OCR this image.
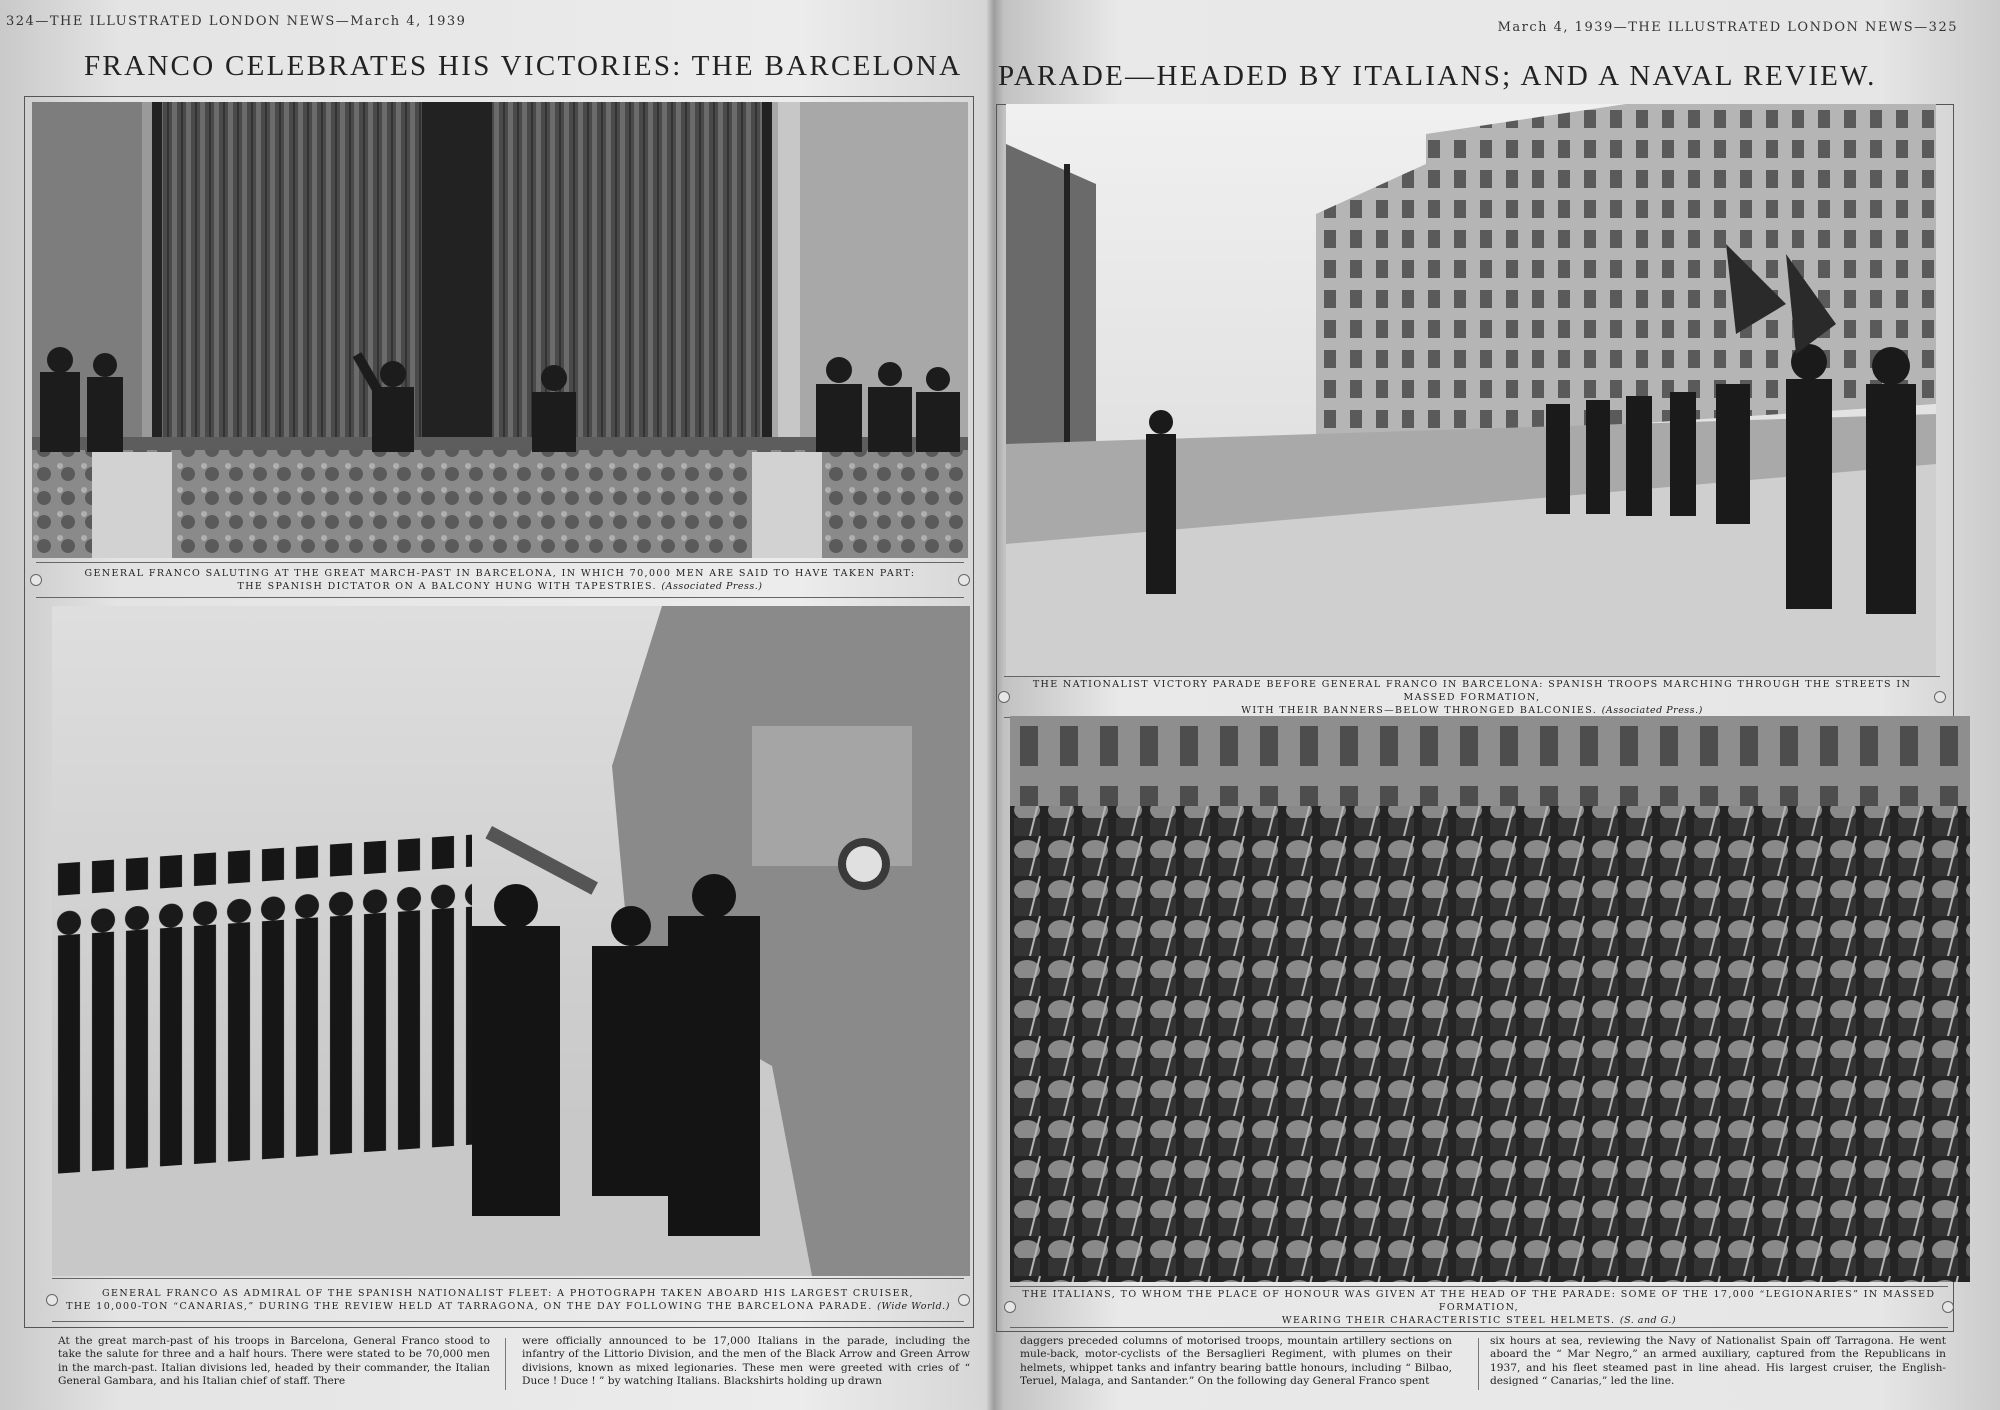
324—THE ILLUSTRATED LONDON NEWS—March 4, 1939	March 4, 1939—THE ILLUSTRATED LONDON NEWS—325
FRANCO CELEBRATES HIS VICTORIES: THE BARCELONA PARADE—HEADED BY ITALIANS; AND A NAVAL REVIEW.
GENERAL FRANCO SALUTING AT THE GREAT MARCH-PAST IN BARCELONA, IN WHICH 70,000 MEN ARE SAID TO HAVE TAKEN PART:
THE SPANISH DICTATOR ON A BALCONY HUNG WITH TAPESTRIES. (Associated Press.)
GENERAL FRANCO AS ADMIRAL OF THE SPANISH NATIONALIST FLEET: A PHOTOGRAPH TAKEN ABOARD HIS LARGEST CRUISER,
THE 10,000-TON “CANARIAS,” DURING THE REVIEW HELD AT TARRAGONA, ON THE DAY FOLLOWING THE BARCELONA PARADE. (Wide World.)
THE NATIONALIST VICTORY PARADE BEFORE GENERAL FRANCO IN BARCELONA: SPANISH TROOPS MARCHING THROUGH THE STREETS IN MASSED FORMATION,
WITH THEIR BANNERS—BELOW THRONGED BALCONIES. (Associated Press.)
THE ITALIANS, TO WHOM THE PLACE OF HONOUR WAS GIVEN AT THE HEAD OF THE PARADE: SOME OF THE 17,000 “LEGIONARIES” IN MASSED FORMATION,
WEARING THEIR CHARACTERISTIC STEEL HELMETS. (S. and G.)
At the great march-past of his troops in Barcelona, General Franco stood to take the salute for three and a half hours. There were stated to be 70,000 men in the march-past. Italian divisions led, headed by their commander, the Italian General Gambara, and his Italian chief of staff. There
were officially announced to be 17,000 Italians in the parade, including the infantry of the Littorio Division, and the men of the Black Arrow and Green Arrow divisions, known as mixed legionaries. These men were greeted with cries of “ Duce ! Duce ! ” by watching Italians. Blackshirts holding up drawn
daggers preceded columns of motorised troops, mountain artillery sections on mule-back, motor-cyclists of the Bersaglieri Regiment, with plumes on their helmets, whippet tanks and infantry bearing battle honours, including “ Bilbao, Teruel, Malaga, and Santander.” On the following day General Franco spent
six hours at sea, reviewing the Navy of Nationalist Spain off Tarragona. He went aboard the “ Mar Negro,” an armed auxiliary, captured from the Republicans in 1937, and his fleet steamed past in line ahead. His largest cruiser, the English-designed “ Canarias,” led the line.
